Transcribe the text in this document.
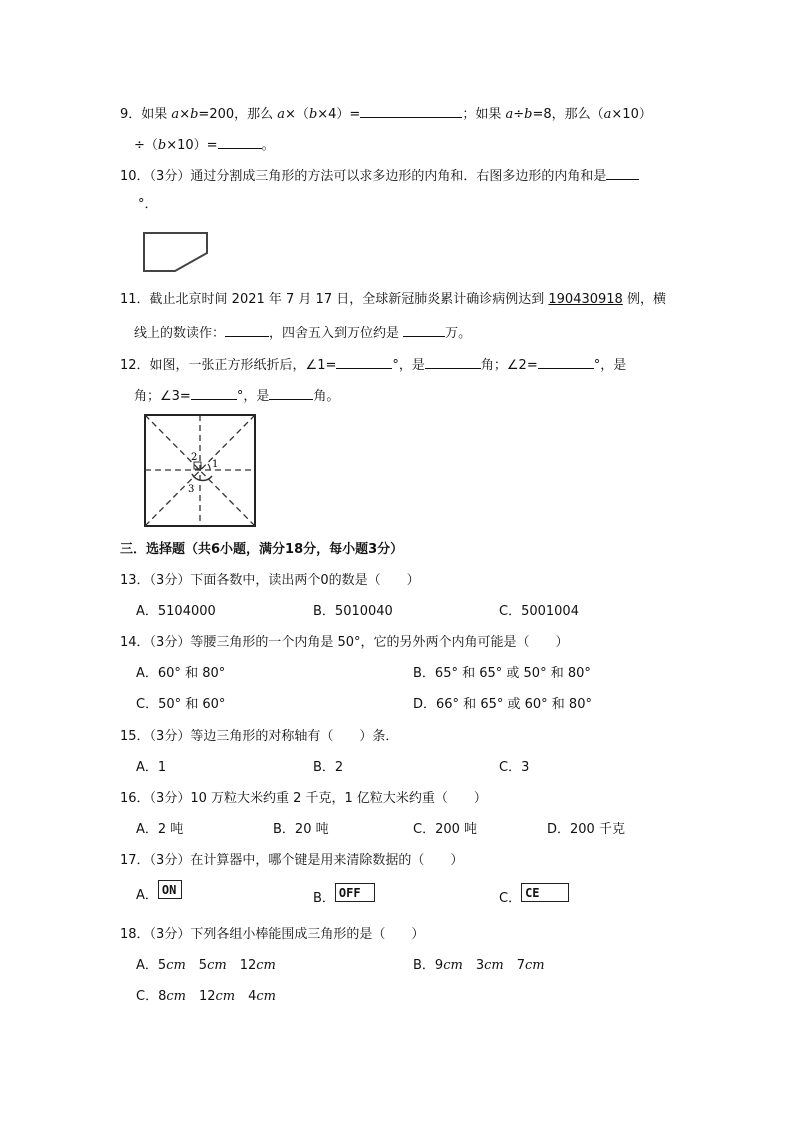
9．如果 a×b=200，那么 a×（b×4）=	；如果 a÷b=8，那么（a×10）
÷（b×10）=	。
10．（3分）通过分割成三角形的方法可以求多边形的内角和．右图多边形的内角和是
°．
11．截止北京时间 2021 年 7 月 17 日，全球新冠肺炎累计确诊病例达到 190430918 例，横
线上的数读作：	，四舍五入到万位约是	万。
12．如图，一张正方形纸折后，∠1=	°，是	角；∠2=	°，是
角；∠3=	°，是	角。
1
2
3
三．选择题（共6小题，满分18分，每小题3分）
13．（3分）下面各数中，读出两个0的数是（　　）
A．5104000	B．5010040	C．5001004
14．（3分）等腰三角形的一个内角是 50°，它的另外两个内角可能是（　　）
A．60° 和 80°	B．65° 和 65° 或 50° 和 80°
C．50° 和 60°	D．66° 和 65° 或 60° 和 80°
15．（3分）等边三角形的对称轴有（　　）条．
A．1	B．2	C．3
16．（3分）10 万粒大米约重 2 千克，1 亿粒大米约重（　　）
A．2 吨	B．20 吨	C．200 吨	D．200 千克
17．（3分）在计算器中，哪个键是用来清除数据的（　　）
A． ON
B． OFF	C． CE
18．（3分）下列各组小棒能围成三角形的是（　　）
A．5cm  5cm  12cm	B．9cm  3cm  7cm
C．8cm  12cm  4cm
